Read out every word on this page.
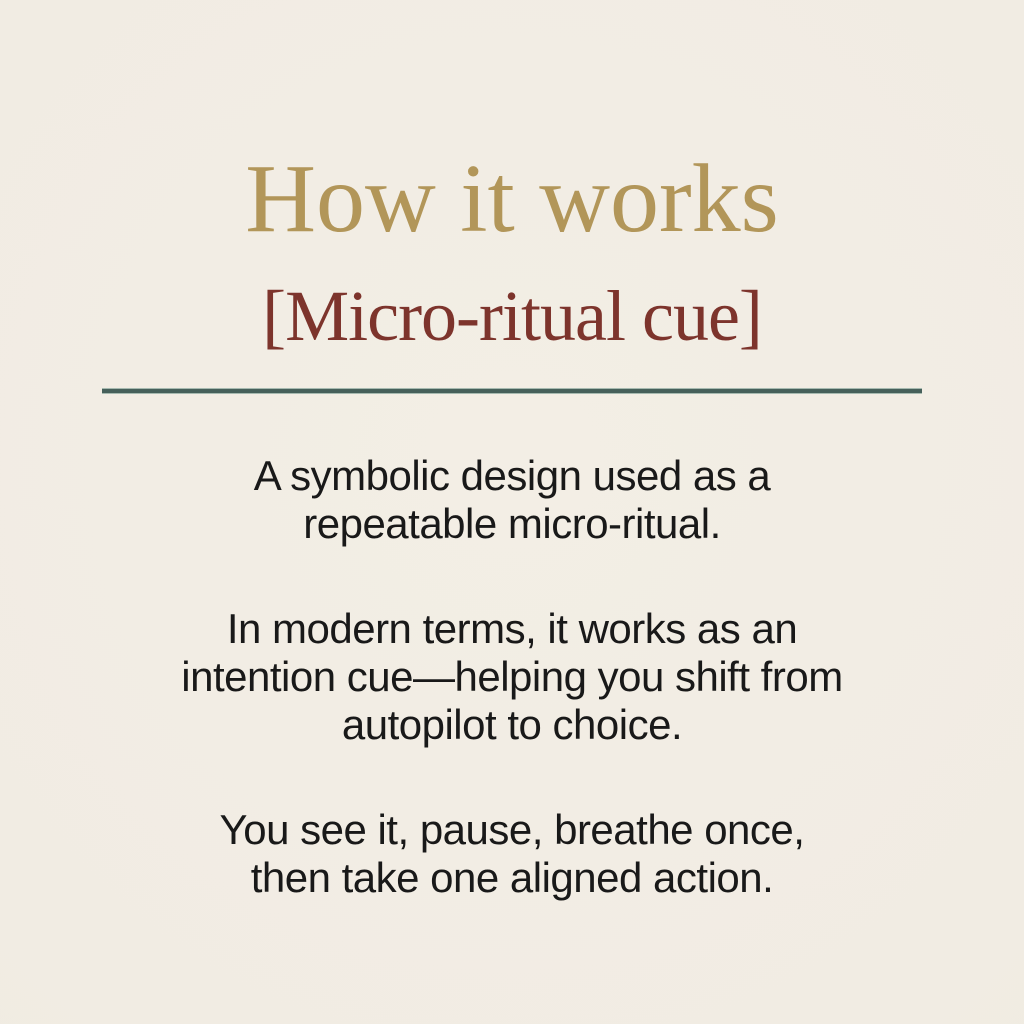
How it works
[Micro-ritual cue]
A symbolic design used as a
repeatable micro-ritual.
In modern terms, it works as an
intention cue—helping you shift from
autopilot to choice.
You see it, pause, breathe once,
then take one aligned action.
